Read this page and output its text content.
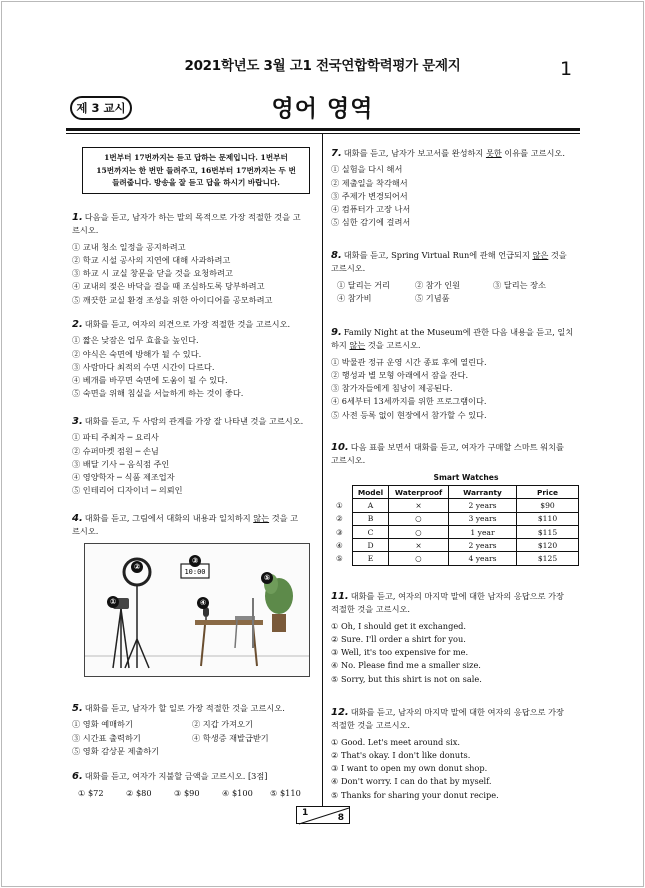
2021학년도 3월 고1 전국연합학력평가 문제지	1
제 3 교시	영어 영역
1번부터 17번까지는 듣고 답하는 문제입니다. 1번부터
15번까지는 한 번만 들려주고, 16번부터 17번까지는 두 번
들려줍니다. 방송을 잘 듣고 답을 하시기 바랍니다.
1. 다음을 듣고, 남자가 하는 말의 목적으로 가장 적절한 것을 고
르시오.
① 교내 청소 일정을 공지하려고
② 학교 시설 공사의 지연에 대해 사과하려고
③ 하교 시 교실 창문을 닫을 것을 요청하려고
④ 교내의 젖은 바닥을 걸을 때 조심하도록 당부하려고
⑤ 깨끗한 교실 환경 조성을 위한 아이디어를 공모하려고
2. 대화를 듣고, 여자의 의견으로 가장 적절한 것을 고르시오.
① 짧은 낮잠은 업무 효율을 높인다.
② 야식은 숙면에 방해가 될 수 있다.
③ 사람마다 최적의 수면 시간이 다르다.
④ 베개를 바꾸면 숙면에 도움이 될 수 있다.
⑤ 숙면을 위해 침실을 서늘하게 하는 것이 좋다.
3. 대화를 듣고, 두 사람의 관계를 가장 잘 나타낸 것을 고르시오.
① 파티 주최자 ─ 요리사
② 슈퍼마켓 점원 ─ 손님
③ 배달 기사 ─ 음식점 주인
④ 영양학자 ─ 식품 제조업자
⑤ 인테리어 디자이너 ─ 의뢰인
4. 대화를 듣고, 그림에서 대화의 내용과 일치하지 않는 것을 고
르시오.
10:00
①
②
③
④
⑤
5. 대화를 듣고, 남자가 할 일로 가장 적절한 것을 고르시오.
① 영화 예매하기	② 지갑 가져오기
③ 시간표 출력하기	④ 학생증 재발급받기
⑤ 영화 감상문 제출하기
6. 대화를 듣고, 여자가 지불할 금액을 고르시오. [3점]
① $72	② $80	③ $90	④ $100	⑤ $110
7. 대화를 듣고, 남자가 보고서를 완성하지 못한 이유를 고르시오.
① 실험을 다시 해서
② 제출일을 착각해서
③ 주제가 변경되어서
④ 컴퓨터가 고장 나서
⑤ 심한 감기에 걸려서
8. 대화를 듣고, Spring Virtual Run에 관해 언급되지 않은 것을
고르시오.
① 달리는 거리	② 참가 인원	③ 달리는 장소
④ 참가비	⑤ 기념품
9. Family Night at the Museum에 관한 다음 내용을 듣고, 일치
하지 않는 것을 고르시오.
① 박물관 정규 운영 시간 종료 후에 열린다.
② 행성과 별 모형 아래에서 잠을 잔다.
③ 참가자들에게 침낭이 제공된다.
④ 6세부터 13세까지를 위한 프로그램이다.
⑤ 사전 등록 없이 현장에서 참가할 수 있다.
10. 다음 표를 보면서 대화를 듣고, 여자가 구매할 스마트 워치를
고르시오.
Smart Watches
①
②
③
④
⑤
Model	Waterproof	Warranty	Price
A	×	2 years	$90
B	○	3 years	$110
C	○	1 year	$115
D	×	2 years	$120
E	○	4 years	$125
11. 대화를 듣고, 여자의 마지막 말에 대한 남자의 응답으로 가장
적절한 것을 고르시오.
① Oh, I should get it exchanged.
② Sure. I'll order a shirt for you.
③ Well, it's too expensive for me.
④ No. Please find me a smaller size.
⑤ Sorry, but this shirt is not on sale.
12. 대화를 듣고, 남자의 마지막 말에 대한 여자의 응답으로 가장
적절한 것을 고르시오.
① Good. Let's meet around six.
② That's okay. I don't like donuts.
③ I want to open my own donut shop.
④ Don't worry. I can do that by myself.
⑤ Thanks for sharing your donut recipe.
1	8
